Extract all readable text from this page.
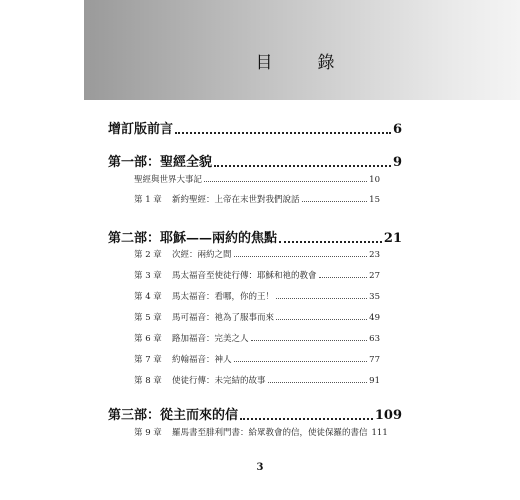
目　錄
增訂版前言	6
第一部：聖經全貌	9
聖經與世界大事記	10
第 1 章 新約聖經：上帝在末世對我們說話	15
第二部：耶穌——兩約的焦點	21
第 2 章 次經：兩約之間	23
第 3 章 馬太福音至使徒行傳：耶穌和祂的教會	27
第 4 章 馬太福音：看哪，你的王！	35
第 5 章 馬可福音：祂為了服事而來	49
第 6 章 路加福音：完美之人	63
第 7 章 約翰福音：神人	77
第 8 章 使徒行傳：未完結的故事	91
第三部：從主而來的信	109
第 9 章 羅馬書至腓利門書：給眾教會的信，使徒保羅的書信 111
3
